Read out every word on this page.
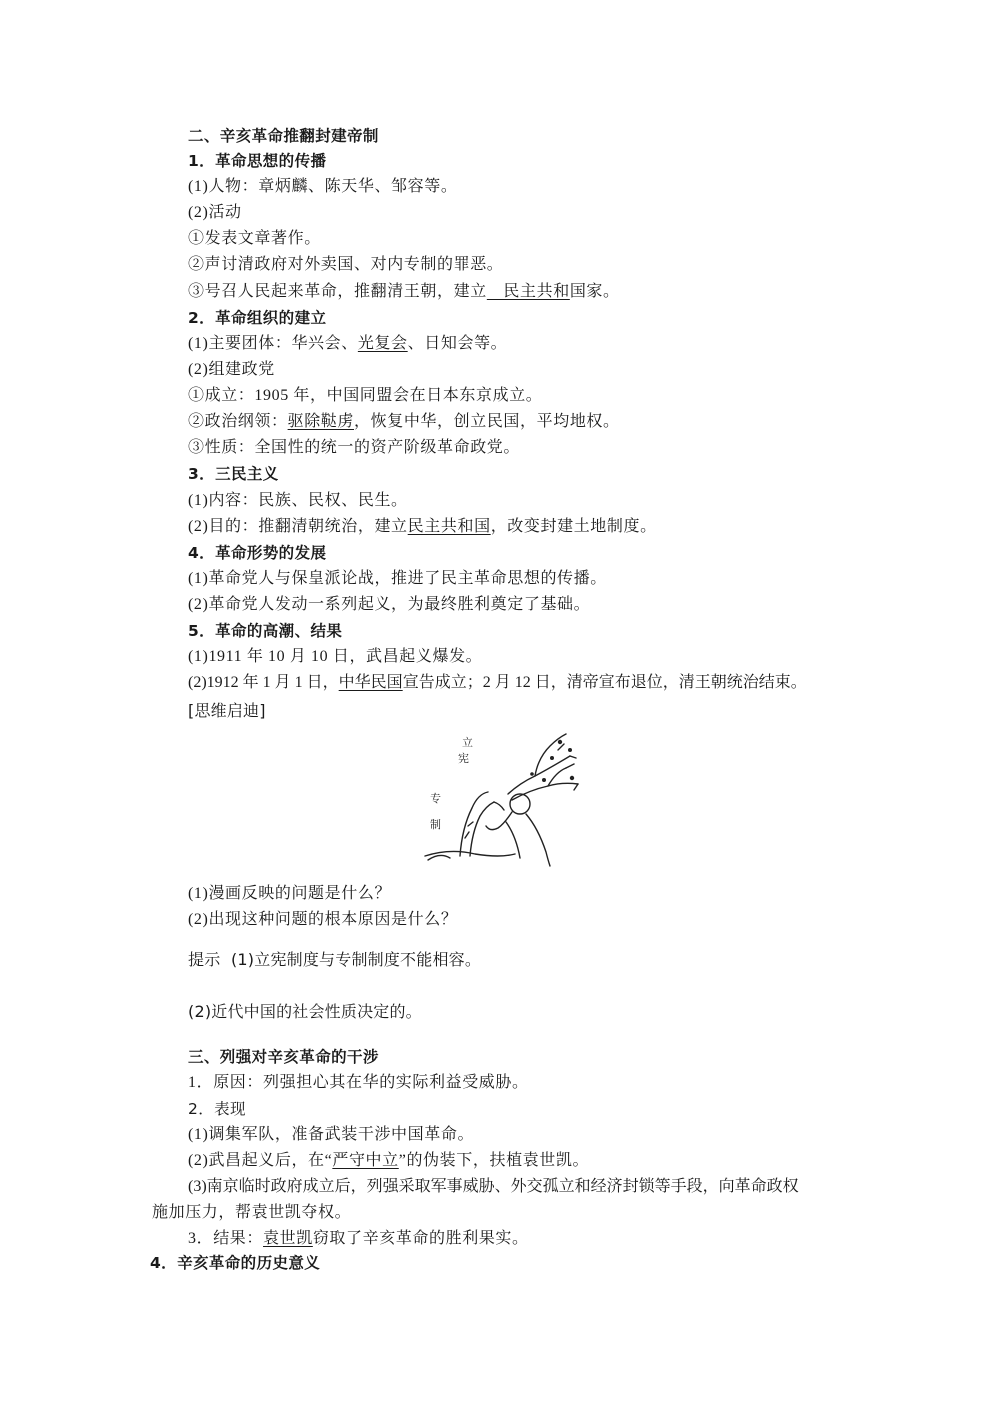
二、辛亥革命推翻封建帝制
1．革命思想的传播
(1)人物：章炳麟、陈天华、邹容等。
(2)活动
①发表文章著作。
②声讨清政府对外卖国、对内专制的罪恶。
③号召人民起来革命，推翻清王朝，建立　民主共和国家。
2．革命组织的建立
(1)主要团体：华兴会、光复会、日知会等。
(2)组建政党
①成立：1905 年，中国同盟会在日本东京成立。
②政治纲领：驱除鞑虏，恢复中华，创立民国，平均地权。
③性质：全国性的统一的资产阶级革命政党。
3．三民主义
(1)内容：民族、民权、民生。
(2)目的：推翻清朝统治，建立民主共和国，改变封建土地制度。
4．革命形势的发展
(1)革命党人与保皇派论战，推进了民主革命思想的传播。
(2)革命党人发动一系列起义，为最终胜利奠定了基础。
5．革命的高潮、结果
(1)1911 年 10 月 10 日，武昌起义爆发。
(2)1912 年 1 月 1 日，中华民国宣告成立；2 月 12 日，清帝宣布退位，清王朝统治结束。
[思维启迪]
立
宪
专
制
(1)漫画反映的问题是什么？
(2)出现这种问题的根本原因是什么？
提示 (1)立宪制度与专制制度不能相容。
(2)近代中国的社会性质决定的。
三、列强对辛亥革命的干涉
1．原因：列强担心其在华的实际利益受威胁。
2．表现
(1)调集军队，准备武装干涉中国革命。
(2)武昌起义后，在“严守中立”的伪装下，扶植袁世凯。
(3)南京临时政府成立后，列强采取军事威胁、外交孤立和经济封锁等手段，向革命政权
施加压力，帮袁世凯夺权。
3．结果：袁世凯窃取了辛亥革命的胜利果实。
4．辛亥革命的历史意义
